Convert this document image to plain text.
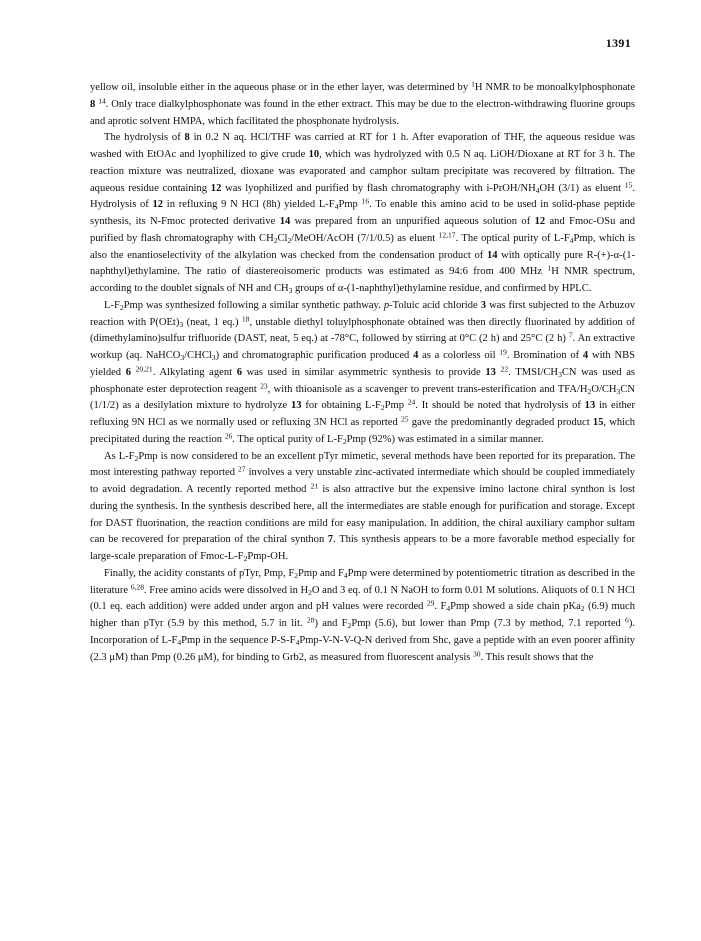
1391

yellow oil, insoluble either in the aqueous phase or in the ether layer, was determined by $^1$H NMR to be monoalkylphosphonate 8 $^{14}$. Only trace dialkylphosphonate was found in the ether extract. This may be due to the electron-withdrawing fluorine groups and aprotic solvent HMPA, which facilitated the phosphonate hydrolysis.

The hydrolysis of 8 in 0.2 N aq. HCl/THF was carried at RT for 1 h. After evaporation of THF, the aqueous residue was washed with EtOAc and lyophilized to give crude 10, which was hydrolyzed with 0.5 N aq. LiOH/Dioxane at RT for 3 h. The reaction mixture was neutralized, dioxane was evaporated and camphor sultam precipitate was recovered by filtration. The aqueous residue containing 12 was lyophilized and purified by flash chromatography with $i-PrOH/NH_4OH$ (3/1) as eluent $^{15}$. Hydrolysis of 12 in refluxing 9 N HCl (8h) yielded $L-F_4Pmp$ $^{16}$. To enable this amino acid to be used in solid-phase peptide synthesis, its N-Fmoc protected derivative 14 was prepared from an unpurified aqueous solution of 12 and Fmoc-OSu and purified by flash chromatography with $CH_2Cl_2/MeOH$/AcOH (7/1/0.5) as eluent $^{12,17}$. The optical purity of $L-F_4Pmp$, which is also the enantioselectivity of the alkylation was checked from the condensation product of 14 with optically pure R-(+)-α-(1-naphthyl)ethylamine. The ratio of diastereoisomeric products was estimated as 94:6 from 400 MHz $^1$H NMR spectrum, according to the doublet signals of NH and $CH_3$ groups of α-(1-naphthyl)ethylamine residue, and confirmed by HPLC.

$L-F_2Pmp$ was synthesized following a similar synthetic pathway. p-Toluic acid chloride 3 was first subjected to the Arbuzov reaction with $P(OEt)_3$ (neat, 1 eq.) $^{18}$, unstable diethyl toluylphosphonate obtained was then directly fluorinated by addition of (dimethylamino)sulfur trifluoride (DAST, neat, 5 eq.) at -78°C, followed by stirring at 0°C (2 h) and 25°C (2 h) $^7$. An extractive workup (aq. NaHCO$_3$/CHCl$_3$) and chromatographic purification produced 4 as a colorless oil $^{19}$. Bromination of 4 with NBS yielded 6 $^{20,21}$. Alkylating agent 6 was used in similar asymmetric synthesis to provide 13 $^{22}$. TMSI/$CH_3CN$ was used as phosphonate ester deprotection reagent $^{23}$, with thioanisole as a scavenger to prevent trans-esterification and TFA/$H_2O/CH_3CN$ (1/1/2) as a desilylation mixture to hydrolyze 13 for obtaining $L-F_2Pmp$ $^{24}$. It should be noted that hydrolysis of 13 in either refluxing 9N HCl as we normally used or refluxing 3N HCl as reported $^{25}$ gave the predominantly degraded product 15, which precipitated during the reaction $^{26}$. The optical purity of $L-F_2Pmp$ (92%) was estimated in a similar manner.

As $L-F_2Pmp$ is now considered to be an excellent pTyr mimetic, several methods have been reported for its preparation. The most interesting pathway reported $^{27}$ involves a very unstable zinc-activated intermediate which should be coupled immediately to avoid degradation. A recently reported method $^{21}$ is also attractive but the expensive imino lactone chiral synthon is lost during the synthesis. In the synthesis described here, all the intermediates are stable enough for purification and storage. Except for DAST fluorination, the reaction conditions are mild for easy manipulation. In addition, the chiral auxiliary camphor sultam can be recovered for preparation of the chiral synthon 7. This synthesis appears to be a more favorable method especially for large-scale preparation of Fmoc-$L-F_2Pmp-OH$.

Finally, the acidity constants of pTyr, Pmp, $F_2Pmp$ and $F_4Pmp$ were determined by potentiometric titration as described in the literature $^{6,28}$. Free amino acids were dissolved in $H_2O$ and 3 eq. of 0.1 N NaOH to form 0.01 M solutions. Aliquots of 0.1 N HCl (0.1 eq. each addition) were added under argon and pH values were recorded $^{29}$. $F_4Pmp$ showed a side chain pKa$_2$ (6.9) much higher than pTyr (5.9 by this method, 5.7 in lit. $^{28}$) and $F_2Pmp$ (5.6), but lower than Pmp (7.3 by method, 7.1 reported $^6$). Incorporation of $L-F_4Pmp$ in the sequence $P-S-F_4Pmp-V-N-V-Q-N$ derived from Shc, gave a peptide with an even poorer affinity (2.3 μM) than Pmp (0.26 μM), for binding to Grb2, as measured from fluorescent analysis $^{30}$. This result shows that the
